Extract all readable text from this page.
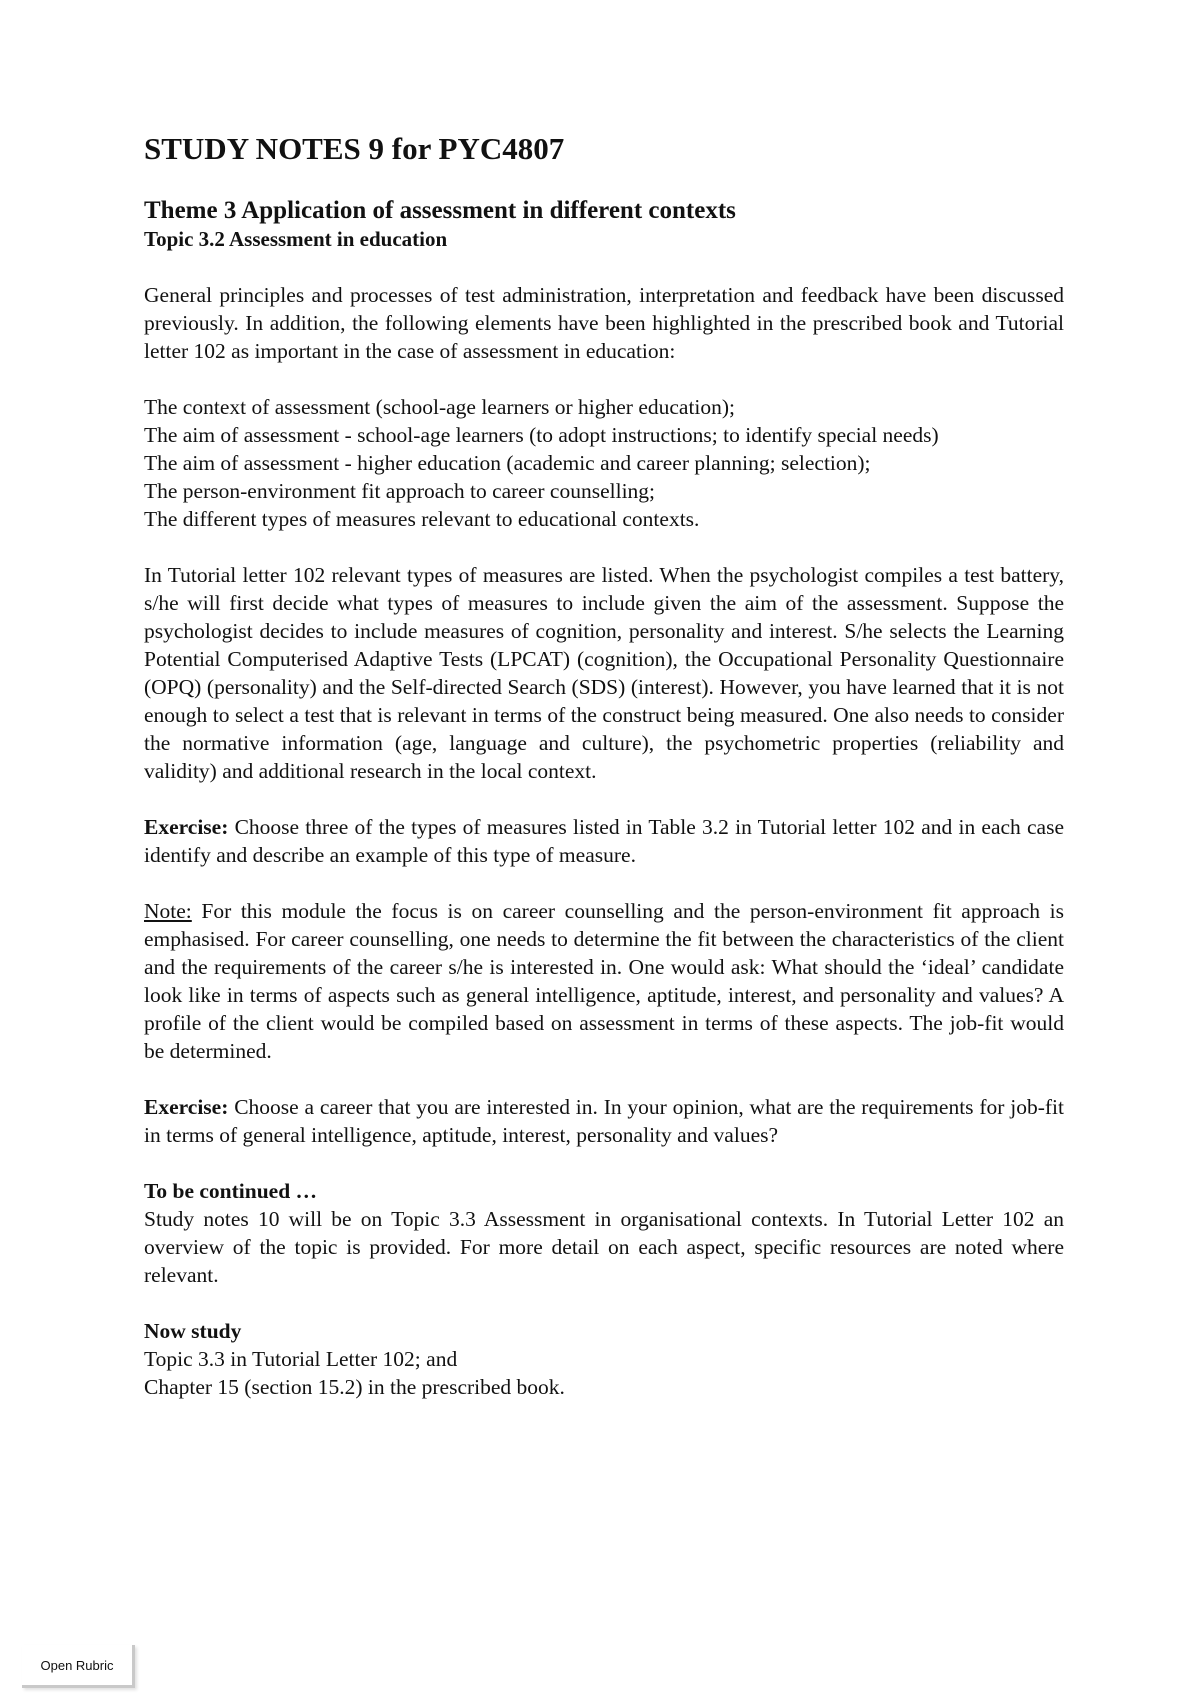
STUDY NOTES 9 for PYC4807
Theme 3 Application of assessment in different contexts
Topic 3.2 Assessment in education

General principles and processes of test administration, interpretation and feedback have been discussed previously. In addition, the following elements have been highlighted in the prescribed book and Tutorial letter 102 as important in the case of assessment in education:

The context of assessment (school-age learners or higher education);
The aim of assessment - school-age learners (to adopt instructions; to identify special needs)
The aim of assessment - higher education (academic and career planning; selection);
The person-environment fit approach to career counselling;
The different types of measures relevant to educational contexts.

In Tutorial letter 102 relevant types of measures are listed. When the psychologist compiles a test battery, s/he will first decide what types of measures to include given the aim of the assessment. Suppose the psychologist decides to include measures of cognition, personality and interest. S/he selects the Learning Potential Computerised Adaptive Tests (LPCAT) (cognition), the Occupational Personality Questionnaire (OPQ) (personality) and the Self-directed Search (SDS) (interest). However, you have learned that it is not enough to select a test that is relevant in terms of the construct being measured. One also needs to consider the normative information (age, language and culture), the psychometric properties (reliability and validity) and additional research in the local context.

Exercise: Choose three of the types of measures listed in Table 3.2 in Tutorial letter 102 and in each case identify and describe an example of this type of measure.

Note: For this module the focus is on career counselling and the person-environment fit approach is emphasised. For career counselling, one needs to determine the fit between the characteristics of the client and the requirements of the career s/he is interested in. One would ask: What should the ‘ideal’ candidate look like in terms of aspects such as general intelligence, aptitude, interest, and personality and values? A profile of the client would be compiled based on assessment in terms of these aspects. The job-fit would be determined.

Exercise: Choose a career that you are interested in. In your opinion, what are the requirements for job-fit in terms of general intelligence, aptitude, interest, personality and values?

To be continued …

Study notes 10 will be on Topic 3.3 Assessment in organisational contexts. In Tutorial Letter 102 an overview of the topic is provided. For more detail on each aspect, specific resources are noted where relevant.

Now study
Topic 3.3 in Tutorial Letter 102; and
Chapter 15 (section 15.2) in the prescribed book.
Open Rubric
